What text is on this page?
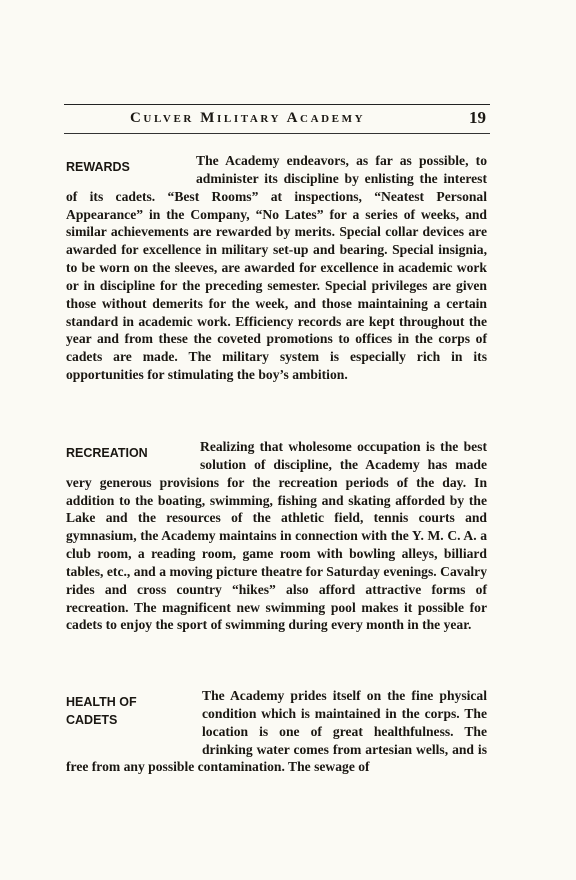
Culver Military Academy	19
REWARDS	The Academy endeavors, as far as possible, to administer its discipline by enlisting the interest of its cadets. “Best Rooms” at inspections, “Neatest Personal Appearance” in the Company, “No Lates” for a series of weeks, and similar achievements are rewarded by merits. Special collar devices are awarded for excellence in military set-up and bearing. Special insignia, to be worn on the sleeves, are awarded for excellence in academic work or in discipline for the preceding semester. Special privileges are given those without demerits for the week, and those maintaining a certain standard in academic work. Efficiency records are kept throughout the year and from these the coveted promotions to offices in the corps of cadets are made. The military system is especially rich in its opportunities for stimulating the boy’s ambition.

RECREATION	Realizing that wholesome occupation is the best solution of discipline, the Academy has made very generous provisions for the recreation periods of the day. In addition to the boating, swimming, fishing and skating afforded by the Lake and the resources of the athletic field, tennis courts and gymnasium, the Academy maintains in connection with the Y. M. C. A. a club room, a reading room, game room with bowling alleys, billiard tables, etc., and a moving picture theatre for Saturday evenings. Cavalry rides and cross country “hikes” also afford attractive forms of recreation. The magnificent new swimming pool makes it possible for cadets to enjoy the sport of swimming during every month in the year.

HEALTH OF CADETS

The Academy prides itself on the fine physical condition which is maintained in the corps. The location is one of great healthfulness. The drinking water comes from artesian wells, and is free from any possible contamination. The sewage of
